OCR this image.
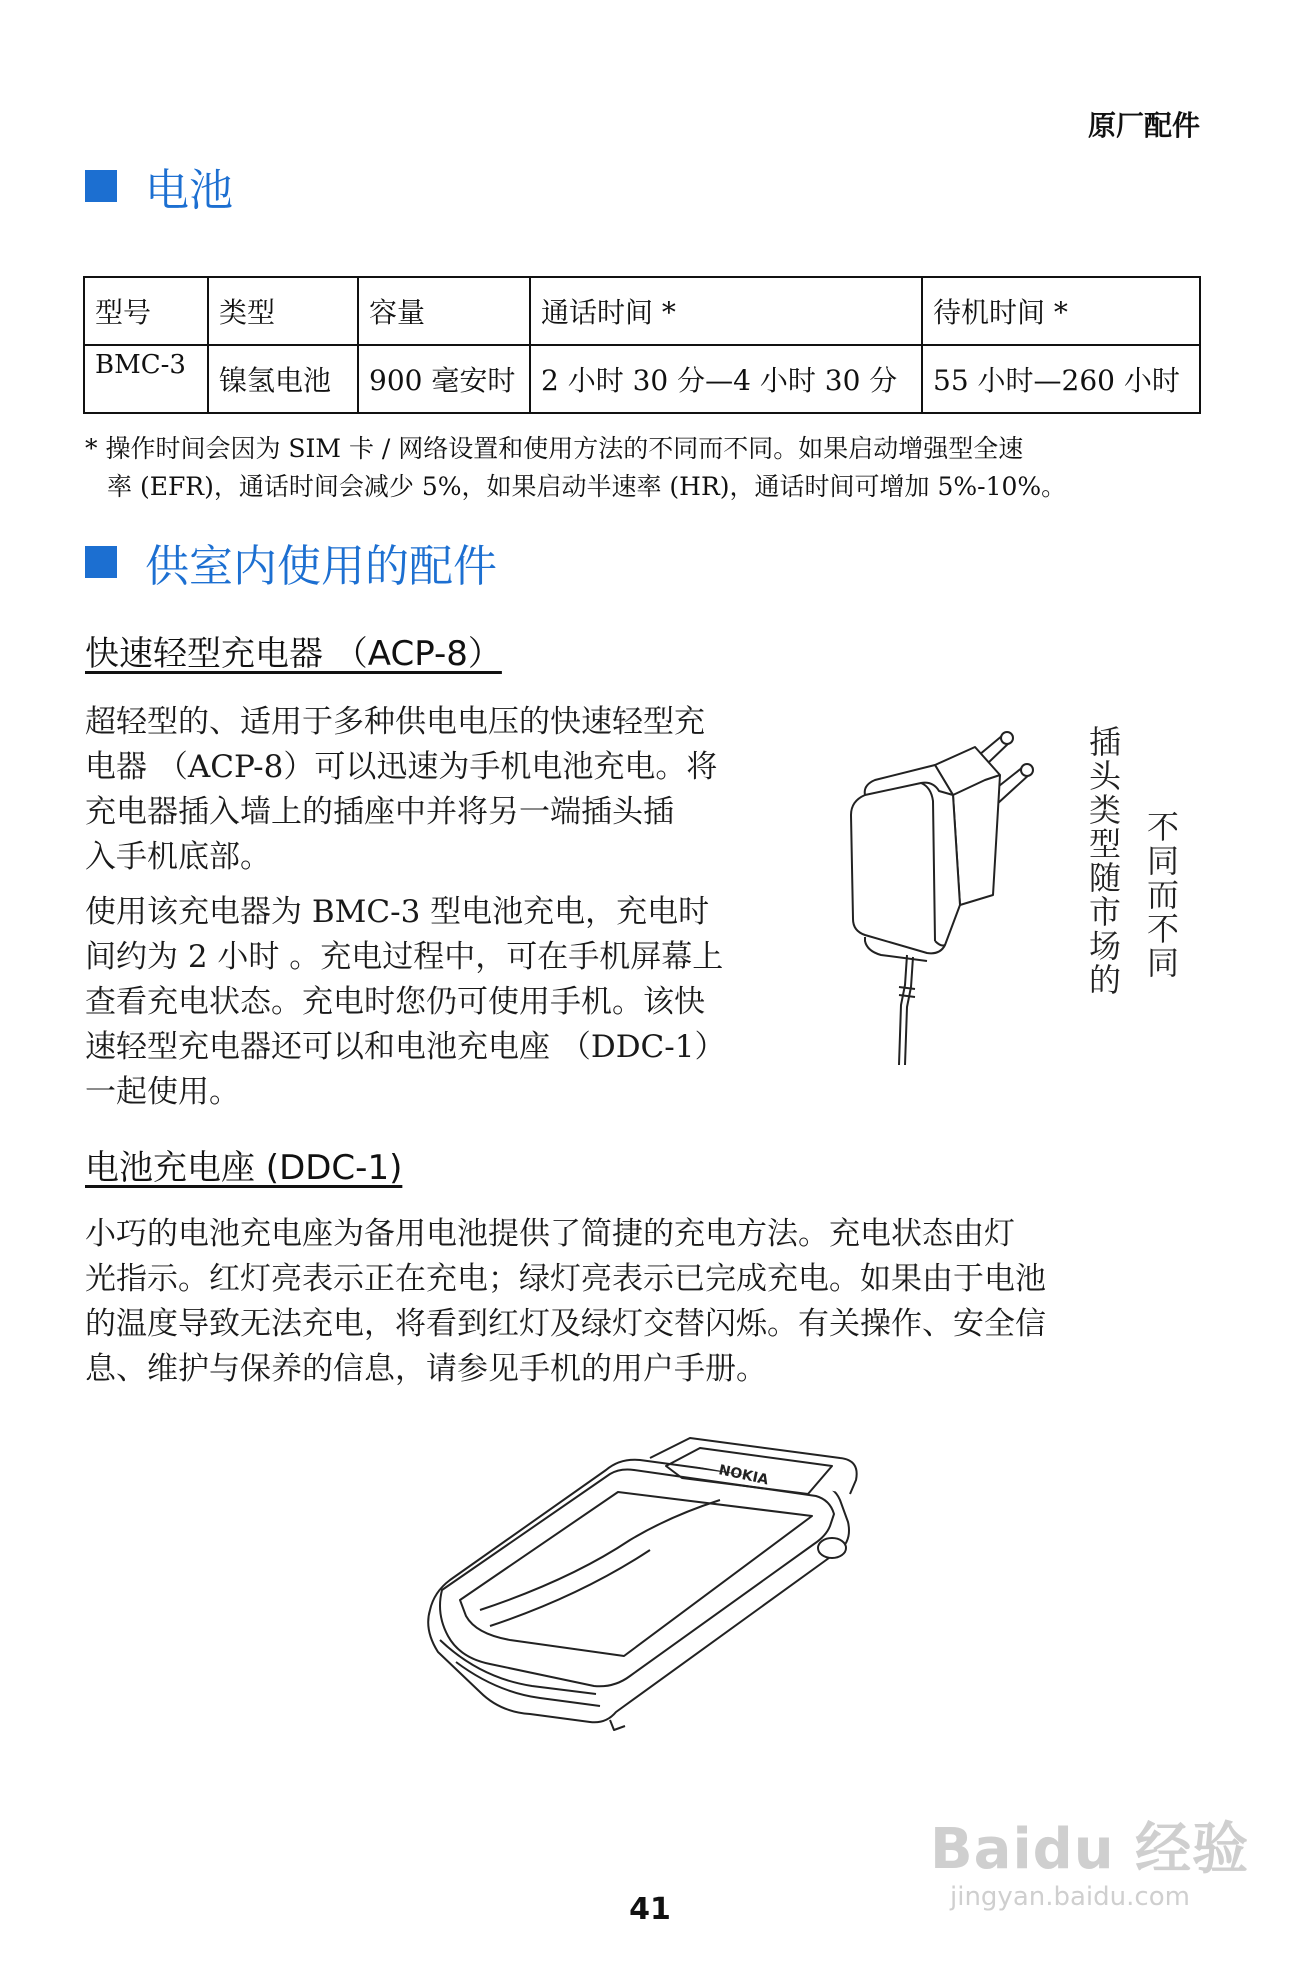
原厂配件
电池
型号	类型	容量	通话时间 *	待机时间 *
BMC-3	镍氢电池	900 毫安时	2 小时 30 分—4 小时 30 分	55 小时—260 小时
* 操作时间会因为 SIM 卡 / 网络设置和使用方法的不同而不同。如果启动增强型全速
率 (EFR)，通话时间会减少 5%，如果启动半速率 (HR)，通话时间可增加 5%-10%。
供室内使用的配件
快速轻型充电器 （ACP-8）

超轻型的、适用于多种供电电压的快速轻型充

电器 （ACP-8）可以迅速为手机电池充电。将

充电器插入墙上的插座中并将另一端插头插

入手机底部。

使用该充电器为 BMC-3 型电池充电，充电时

间约为 2 小时 。充电过程中，可在手机屏幕上

查看充电状态。充电时您仍可使用手机。该快

速轻型充电器还可以和电池充电座 （DDC-1）

一起使用。

插头类型随市场的 不同而不同
电池充电座 (DDC-1)

小巧的电池充电座为备用电池提供了简捷的充电方法。充电状态由灯

光指示。红灯亮表示正在充电；绿灯亮表示已完成充电。如果由于电池

的温度导致无法充电，将看到红灯及绿灯交替闪烁。有关操作、安全信

息、维护与保养的信息，请参见手机的用户手册。

NOKIA
41
Baidu 经验
jingyan.baidu.com
